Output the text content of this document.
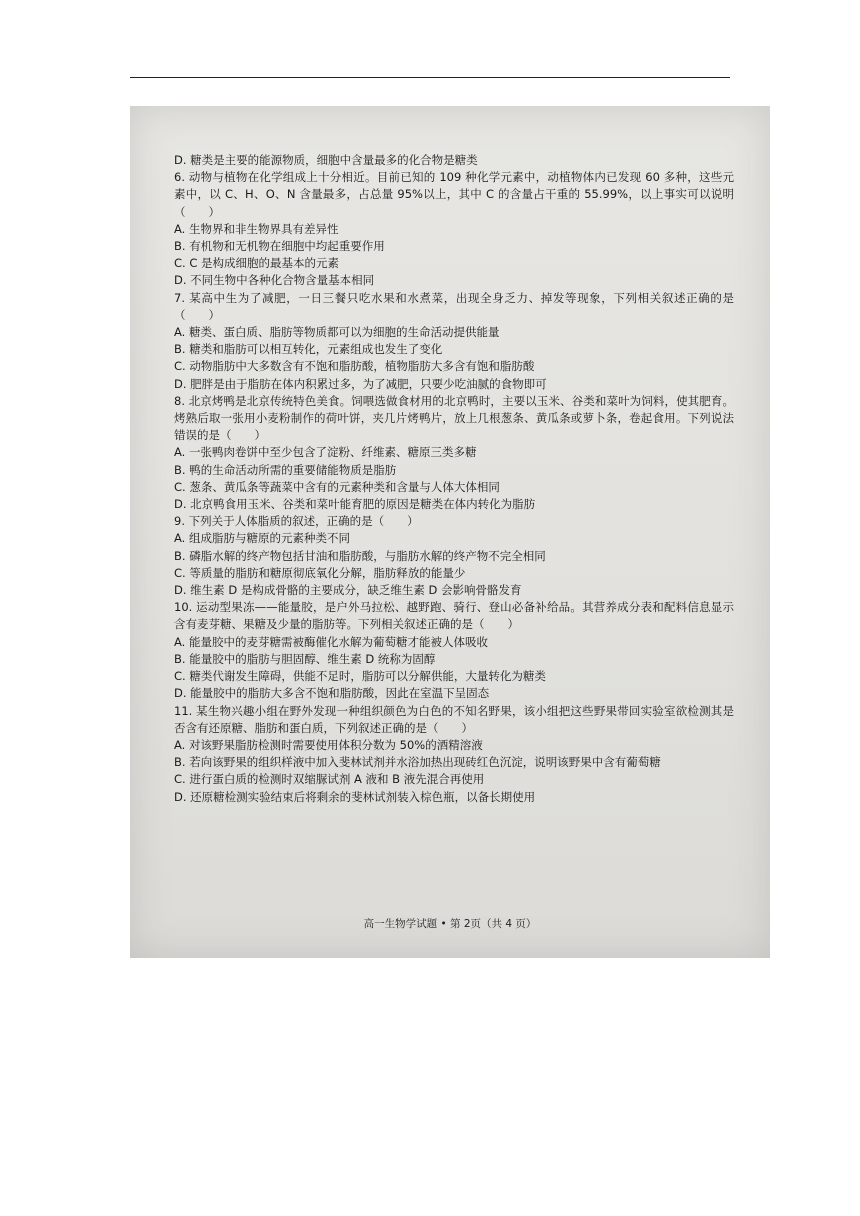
D. 糖类是主要的能源物质，细胞中含量最多的化合物是糖类
6. 动物与植物在化学组成上十分相近。目前已知的 109 种化学元素中，动植物体内已发现 60 多种，这些元素中，以 C、H、O、N 含量最多，占总量 95%以上，其中 C 的含量占干重的 55.99%，以上事实可以说明（　　）
A. 生物界和非生物界具有差异性
B. 有机物和无机物在细胞中均起重要作用
C. C 是构成细胞的最基本的元素
D. 不同生物中各种化合物含量基本相同
7. 某高中生为了减肥，一日三餐只吃水果和水煮菜，出现全身乏力、掉发等现象，下列相关叙述正确的是（　　）
A. 糖类、蛋白质、脂肪等物质都可以为细胞的生命活动提供能量
B. 糖类和脂肪可以相互转化，元素组成也发生了变化
C. 动物脂肪中大多数含有不饱和脂肪酸，植物脂肪大多含有饱和脂肪酸
D. 肥胖是由于脂肪在体内积累过多，为了减肥，只要少吃油腻的食物即可
8. 北京烤鸭是北京传统特色美食。饲喂选做食材用的北京鸭时，主要以玉米、谷类和菜叶为饲料，使其肥育。烤熟后取一张用小麦粉制作的荷叶饼，夹几片烤鸭片，放上几根葱条、黄瓜条或萝卜条，卷起食用。下列说法错误的是（　　）
A. 一张鸭肉卷饼中至少包含了淀粉、纤维素、糖原三类多糖
B. 鸭的生命活动所需的重要储能物质是脂肪
C. 葱条、黄瓜条等蔬菜中含有的元素种类和含量与人体大体相同
D. 北京鸭食用玉米、谷类和菜叶能育肥的原因是糖类在体内转化为脂肪
9. 下列关于人体脂质的叙述，正确的是（　　）
A. 组成脂肪与糖原的元素种类不同
B. 磷脂水解的终产物包括甘油和脂肪酸，与脂肪水解的终产物不完全相同
C. 等质量的脂肪和糖原彻底氧化分解，脂肪释放的能量少
D. 维生素 D 是构成骨骼的主要成分，缺乏维生素 D 会影响骨骼发育
10. 运动型果冻——能量胶，是户外马拉松、越野跑、骑行、登山必备补给品。其营养成分表和配料信息显示含有麦芽糖、果糖及少量的脂肪等。下列相关叙述正确的是（　　）
A. 能量胶中的麦芽糖需被酶催化水解为葡萄糖才能被人体吸收
B. 能量胶中的脂肪与胆固醇、维生素 D 统称为固醇
C. 糖类代谢发生障碍，供能不足时，脂肪可以分解供能，大量转化为糖类
D. 能量胶中的脂肪大多含不饱和脂肪酸，因此在室温下呈固态
11. 某生物兴趣小组在野外发现一种组织颜色为白色的不知名野果，该小组把这些野果带回实验室欲检测其是否含有还原糖、脂肪和蛋白质，下列叙述正确的是（　　）
A. 对该野果脂肪检测时需要使用体积分数为 50%的酒精溶液
B. 若向该野果的组织样液中加入斐林试剂并水浴加热出现砖红色沉淀，说明该野果中含有葡萄糖
C. 进行蛋白质的检测时双缩脲试剂 A 液和 B 液先混合再使用
D. 还原糖检测实验结束后将剩余的斐林试剂装入棕色瓶，以备长期使用
高一生物学试题 • 第 2页（共 4 页）
